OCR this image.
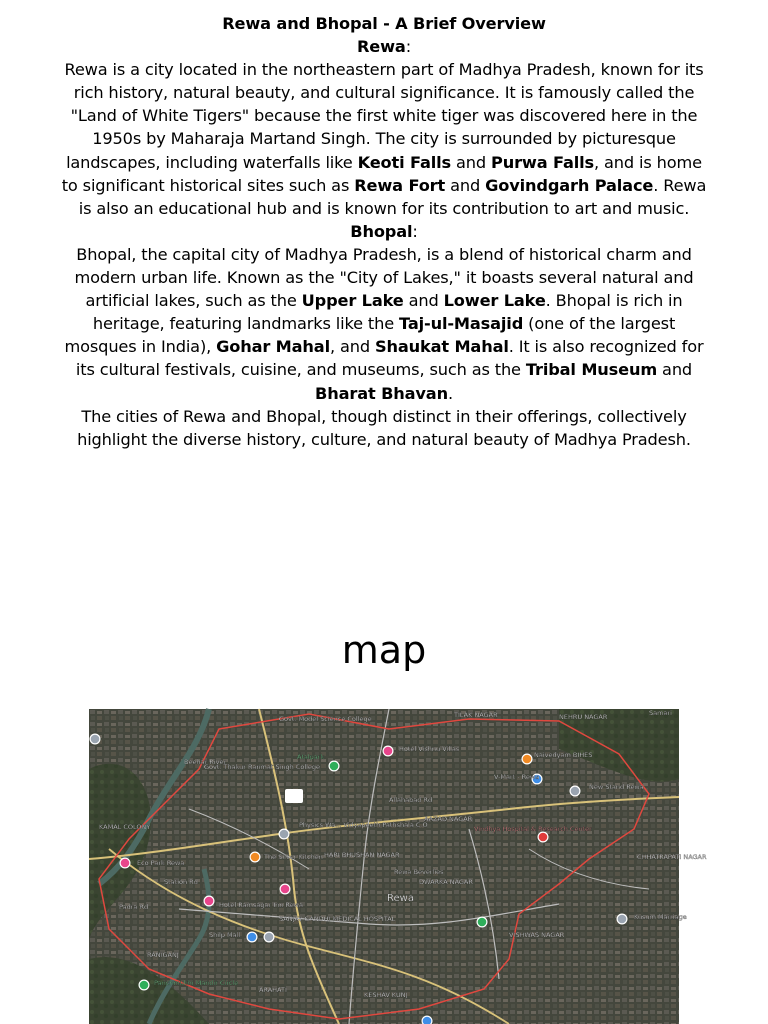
Rewa and Bhopal - A Brief Overview

Rewa:

Rewa is a city located in the northeastern part of Madhya Pradesh, known for its rich history, natural beauty, and cultural significance. It is famously called the "Land of White Tigers" because the first white tiger was discovered here in the 1950s by Maharaja Martand Singh. The city is surrounded by picturesque landscapes, including waterfalls like Keoti Falls and Purwa Falls, and is home to significant historical sites such as Rewa Fort and Govindgarh Palace. Rewa is also an educational hub and is known for its contribution to art and music.

Bhopal:

Bhopal, the capital city of Madhya Pradesh, is a blend of historical charm and modern urban life. Known as the "City of Lakes," it boasts several natural and artificial lakes, such as the Upper Lake and Lower Lake. Bhopal is rich in heritage, featuring landmarks like the Taj-ul-Masajid (one of the largest mosques in India), Gohar Mahal, and Shaukat Mahal. It is also recognized for its cultural festivals, cuisine, and museums, such as the Tribal Museum and Bharat Bhavan.

The cities of Rewa and Bhopal, though distinct in their offerings, collectively highlight the diverse history, culture, and natural beauty of Madhya Pradesh.

map
Govt. Model Science College
Govt. Thakur Ranmat Singh College
Atalpark
Hotel Vishnu Villas
TILAK NAGAR	NEHRU NAGAR
Naivedyam BIHES
V-Mart - Rewa
New Stand Rewa
Allahabad Rd
AAZAD NAGAR
KAMAL COLONY	Physics Wa... Vidyapeeth Pathshala C.O	Vindhya Hospital & Research Center
Eco Park Rewa
The Silver Kitchen HARI BHUSHAN NAGAR
Rewa Beverlies
DWARKA NAGAR
CHHATRAPATI NAGAR
Rewa
Hotel Ramsagar Inn Rewa
SANJAY GANDHI MEDICAL HOSPITAL	Kusum Marriage
Shilp Mall	VISHWAS NAGAR
RANIGANJ
Panchmukhi Mandir Circle
KESHAV KUNJ
ARAHATI
Samari
Padra Rd
Station Rd
Beehar River
